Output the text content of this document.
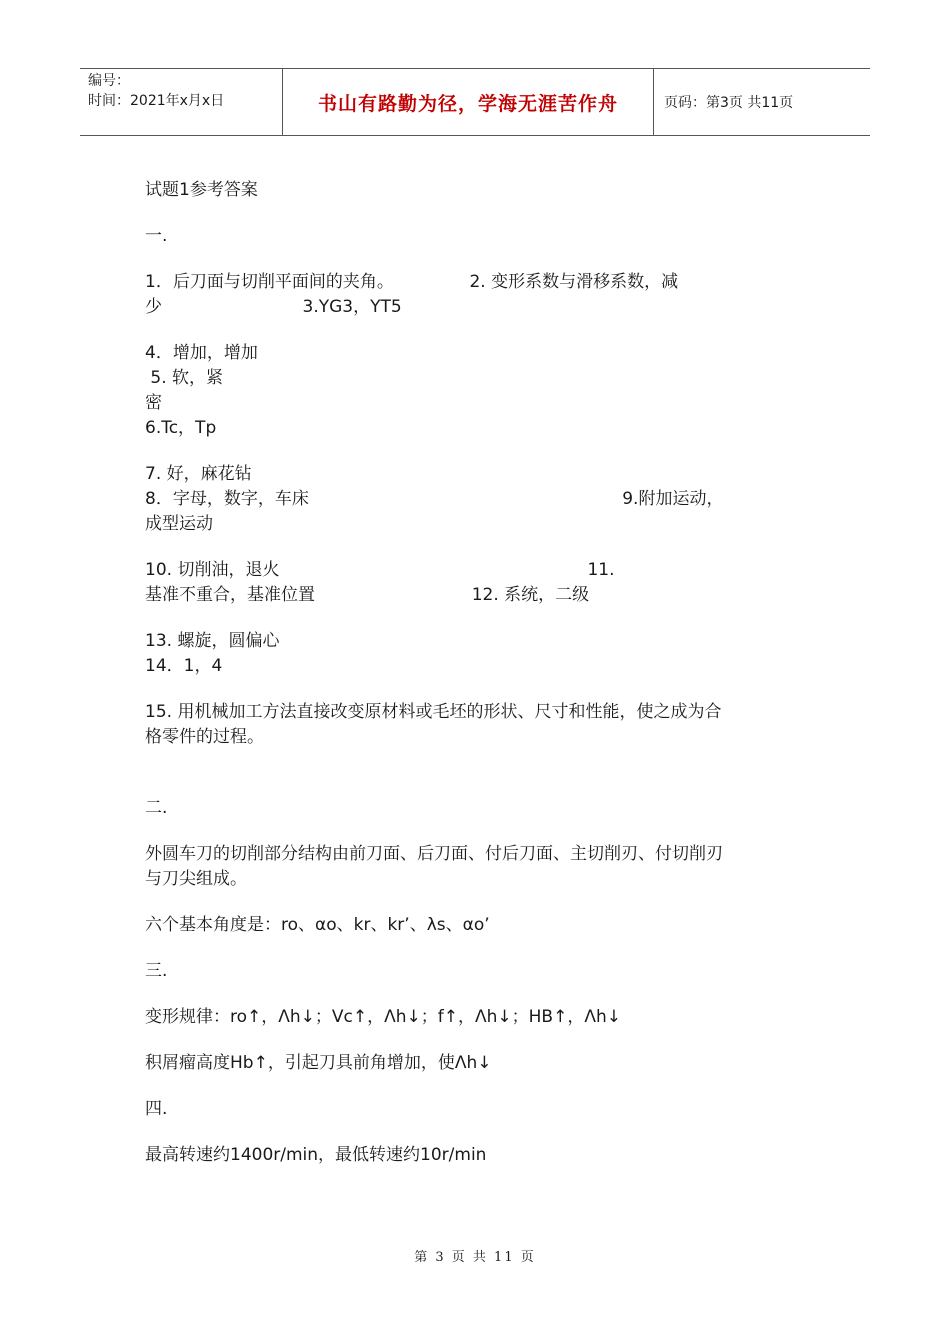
编号：
时间：2021年x月x日	书山有路勤为径，学海无涯苦作舟	页码：第3页 共11页

试题1参考答案

一.

1．后刀面与切削平面间的夹角。              2. 变形系数与滑移系数，减

少                          3.YG3，YT5

4．增加，增加

5. 软，紧

密

6.Tc，Tp

7. 好，麻花钻

8．字母，数字，车床                                                          9.附加运动，

成型运动

10. 切削油，退火                                                         11.

基准不重合，基准位置                             12. 系统，二级

13. 螺旋，圆偏心

14．1，4

15. 用机械加工方法直接改变原材料或毛坯的形状、尺寸和性能，使之成为合

格零件的过程。

二.

外圆车刀的切削部分结构由前刀面、后刀面、付后刀面、主切削刃、付切削刃

与刀尖组成。

六个基本角度是：ro、αo、kr、kr’、λs、αo’

三.

变形规律：ro↑，Λh↓；Vc↑，Λh↓；f↑，Λh↓；HB↑，Λh↓

积屑瘤高度Hb↑，引起刀具前角增加，使Λh↓

四.

最高转速约1400r/min，最低转速约10r/min

第 3 页 共 11 页
